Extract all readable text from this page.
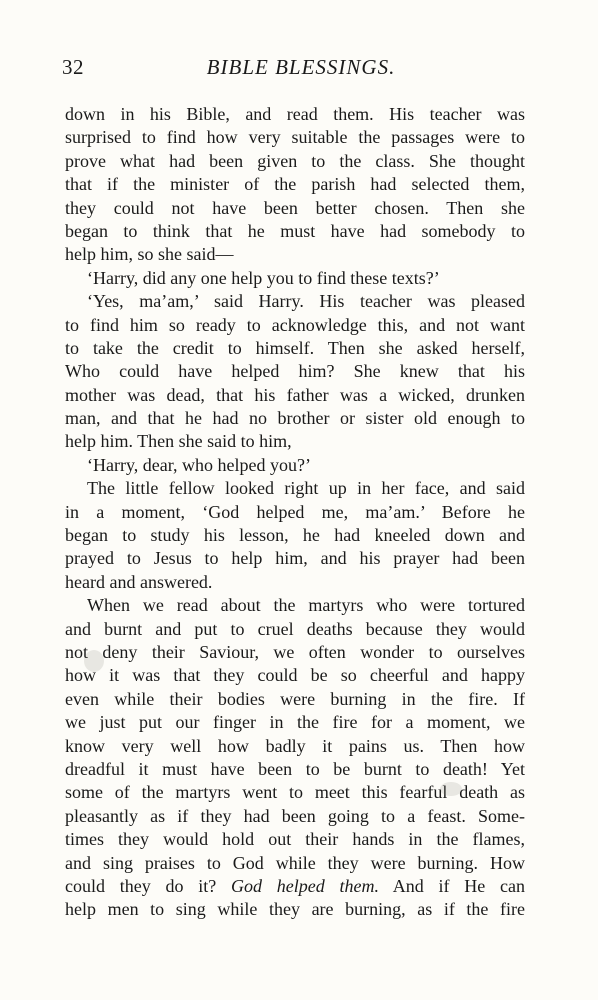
32	BIBLE BLESSINGS.
down in his Bible, and read them. His teacher was
surprised to find how very suitable the passages were to
prove what had been given to the class. She thought
that if the minister of the parish had selected them,
they could not have been better chosen. Then she
began to think that he must have had somebody to
help him, so she said—
‘Harry, did any one help you to find these texts?’
‘Yes, ma’am,’ said Harry. His teacher was pleased
to find him so ready to acknowledge this, and not want
to take the credit to himself. Then she asked herself,
Who could have helped him? She knew that his
mother was dead, that his father was a wicked, drunken
man, and that he had no brother or sister old enough to
help him. Then she said to him,
‘Harry, dear, who helped you?’
The little fellow looked right up in her face, and said
in a moment, ‘God helped me, ma’am.’ Before he
began to study his lesson, he had kneeled down and
prayed to Jesus to help him, and his prayer had been
heard and answered.
When we read about the martyrs who were tortured
and burnt and put to cruel deaths because they would
not deny their Saviour, we often wonder to ourselves
how it was that they could be so cheerful and happy
even while their bodies were burning in the fire. If
we just put our finger in the fire for a moment, we
know very well how badly it pains us. Then how
dreadful it must have been to be burnt to death! Yet
some of the martyrs went to meet this fearful death as
pleasantly as if they had been going to a feast. Some-
times they would hold out their hands in the flames,
and sing praises to God while they were burning. How
could they do it? God helped them. And if He can
help men to sing while they are burning, as if the fire
